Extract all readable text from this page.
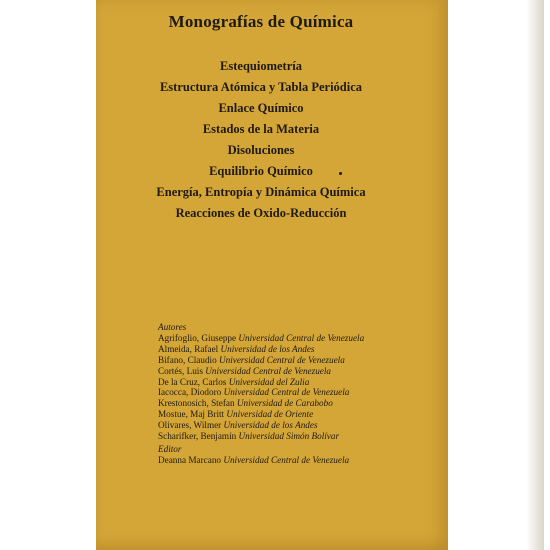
Monografías de Química
Estequiometría
Estructura Atómica y Tabla Periódica
Enlace Químico
Estados de la Materia
Disoluciones
Equilibrio Químico
Energía, Entropía y Dinámica Química
Reacciones de Oxido-Reducción
Autores
Agrifoglio, Giuseppe Universidad Central de Venezuela
Almeida, Rafael Universidad de los Andes
Bifano, Claudio Universidad Central de Venezuela
Cortés, Luis Universidad Central de Venezuela
De la Cruz, Carlos Universidad del Zulia
Iacocca, Diodoro Universidad Central de Venezuela
Krestonosich, Stefan Universidad de Carabobo
Mostue, Maj Britt Universidad de Oriente
Olivares, Wilmer Universidad de los Andes
Scharifker, Benjamín Universidad Simón Bolívar
Editor
Deanna Marcano Universidad Central de Venezuela
